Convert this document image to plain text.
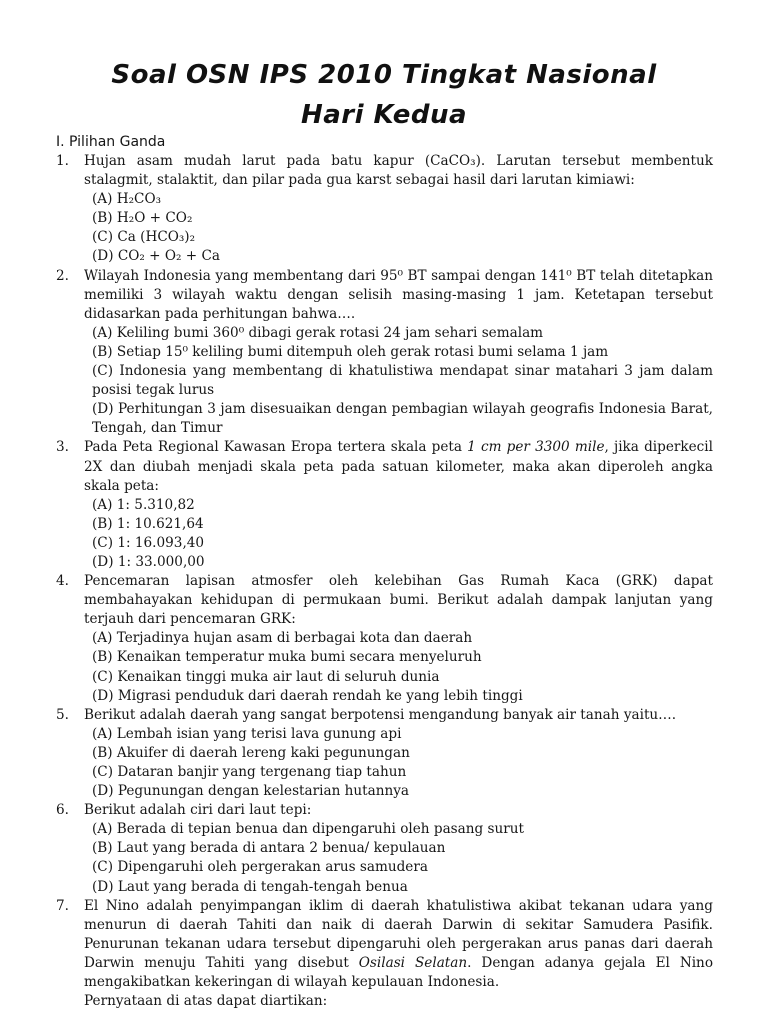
Soal OSN IPS 2010 Tingkat Nasional
Hari Kedua
I. Pilihan Ganda
1. Hujan asam mudah larut pada batu kapur (CaCO₃). Larutan tersebut membentuk stalagmit, stalaktit, dan pilar pada gua karst sebagai hasil dari larutan kimiawi:
(A) H₂CO₃
(B) H₂O + CO₂
(C) Ca (HCO₃)₂
(D) CO₂ + O₂ + Ca
2. Wilayah Indonesia yang membentang dari 95⁰ BT sampai dengan 141⁰ BT telah ditetapkan memiliki 3 wilayah waktu dengan selisih masing-masing 1 jam. Ketetapan tersebut didasarkan pada perhitungan bahwa….
(A) Keliling bumi 360⁰ dibagi gerak rotasi 24 jam sehari semalam
(B) Setiap 15⁰ keliling bumi ditempuh oleh gerak rotasi bumi selama 1 jam
(C) Indonesia yang membentang di khatulistiwa mendapat sinar matahari 3 jam dalam posisi tegak lurus
(D) Perhitungan 3 jam disesuaikan dengan pembagian wilayah geografis Indonesia Barat, Tengah, dan Timur
3. Pada Peta Regional Kawasan Eropa tertera skala peta 1 cm per 3300 mile, jika diperkecil 2X dan diubah menjadi skala peta pada satuan kilometer, maka akan diperoleh angka skala peta:
(A) 1: 5.310,82
(B) 1: 10.621,64
(C) 1: 16.093,40
(D) 1: 33.000,00
4. Pencemaran lapisan atmosfer oleh kelebihan Gas Rumah Kaca (GRK) dapat membahayakan kehidupan di permukaan bumi. Berikut adalah dampak lanjutan yang terjauh dari pencemaran GRK:
(A) Terjadinya hujan asam di berbagai kota dan daerah
(B) Kenaikan temperatur muka bumi secara menyeluruh
(C) Kenaikan tinggi muka air laut di seluruh dunia
(D) Migrasi penduduk dari daerah rendah ke yang lebih tinggi
5. Berikut adalah daerah yang sangat berpotensi mengandung banyak air tanah yaitu….
(A) Lembah isian yang terisi lava gunung api
(B) Akuifer di daerah lereng kaki pegunungan
(C) Dataran banjir yang tergenang tiap tahun
(D) Pegunungan dengan kelestarian hutannya
6. Berikut adalah ciri dari laut tepi:
(A) Berada di tepian benua dan dipengaruhi oleh pasang surut
(B) Laut yang berada di antara 2 benua/ kepulauan
(C) Dipengaruhi oleh pergerakan arus samudera
(D) Laut yang berada di tengah-tengah benua
7. El Nino adalah penyimpangan iklim di daerah khatulistiwa akibat tekanan udara yang menurun di daerah Tahiti dan naik di daerah Darwin di sekitar Samudera Pasifik. Penurunan tekanan udara tersebut dipengaruhi oleh pergerakan arus panas dari daerah Darwin menuju Tahiti yang disebut Osilasi Selatan. Dengan adanya gejala El Nino mengakibatkan kekeringan di wilayah kepulauan Indonesia.
Pernyataan di atas dapat diartikan:
